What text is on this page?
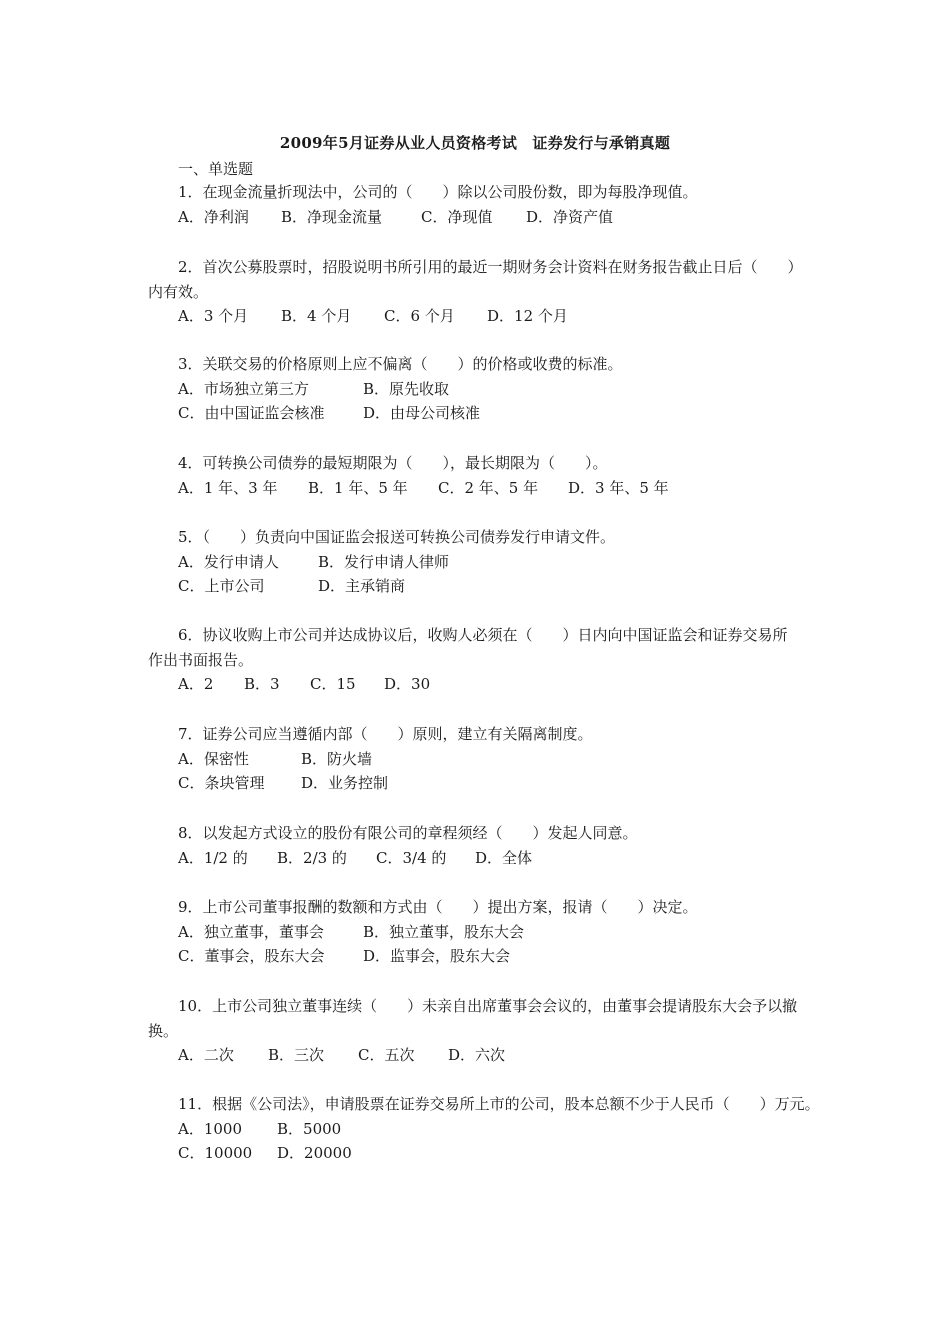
2009年5月证券从业人员资格考试　证券发行与承销真题
一、单选题
1．在现金流量折现法中，公司的（　　）除以公司股份数，即为每股净现值。
A．净利润 B．净现金流量	C．净现值 D．净资产值
2．首次公募股票时，招股说明书所引用的最近一期财务会计资料在财务报告截止日后（　　）
内有效。
A．3 个月 B．4 个月 C．6 个月 D．12 个月
3．关联交易的价格原则上应不偏离（　　）的价格或收费的标准。
A．市场独立第三方	B．原先收取
C．由中国证监会核准	D．由母公司核准
4．可转换公司债券的最短期限为（　　），最长期限为（　　）。
A．1 年、3 年 B．1 年、5 年 C．2 年、5 年 D．3 年、5 年
5．（　　）负责向中国证监会报送可转换公司债券发行申请文件。
A．发行申请人	B．发行申请人律师
C．上市公司	D．主承销商
6．协议收购上市公司并达成协议后，收购人必须在（　　）日内向中国证监会和证券交易所
作出书面报告。
A．2 B．3 C．15 D．30
7．证券公司应当遵循内部（　　）原则，建立有关隔离制度。
A．保密性	B．防火墙
C．条块管理 D．业务控制
8．以发起方式设立的股份有限公司的章程须经（　　）发起人同意。
A．1/2 的 B．2/3 的 C．3/4 的 D．全体
9．上市公司董事报酬的数额和方式由（　　）提出方案，报请（　　）决定。
A．独立董事，董事会	B．独立董事，股东大会
C．董事会，股东大会	D．监事会，股东大会
10．上市公司独立董事连续（　　）未亲自出席董事会会议的，由董事会提请股东大会予以撤
换。
A．二次 B．三次 C．五次 D．六次
11．根据《公司法》，申请股票在证券交易所上市的公司，股本总额不少于人民币（　　）万元。
A．1000 B．5000
C．10000 D．20000
